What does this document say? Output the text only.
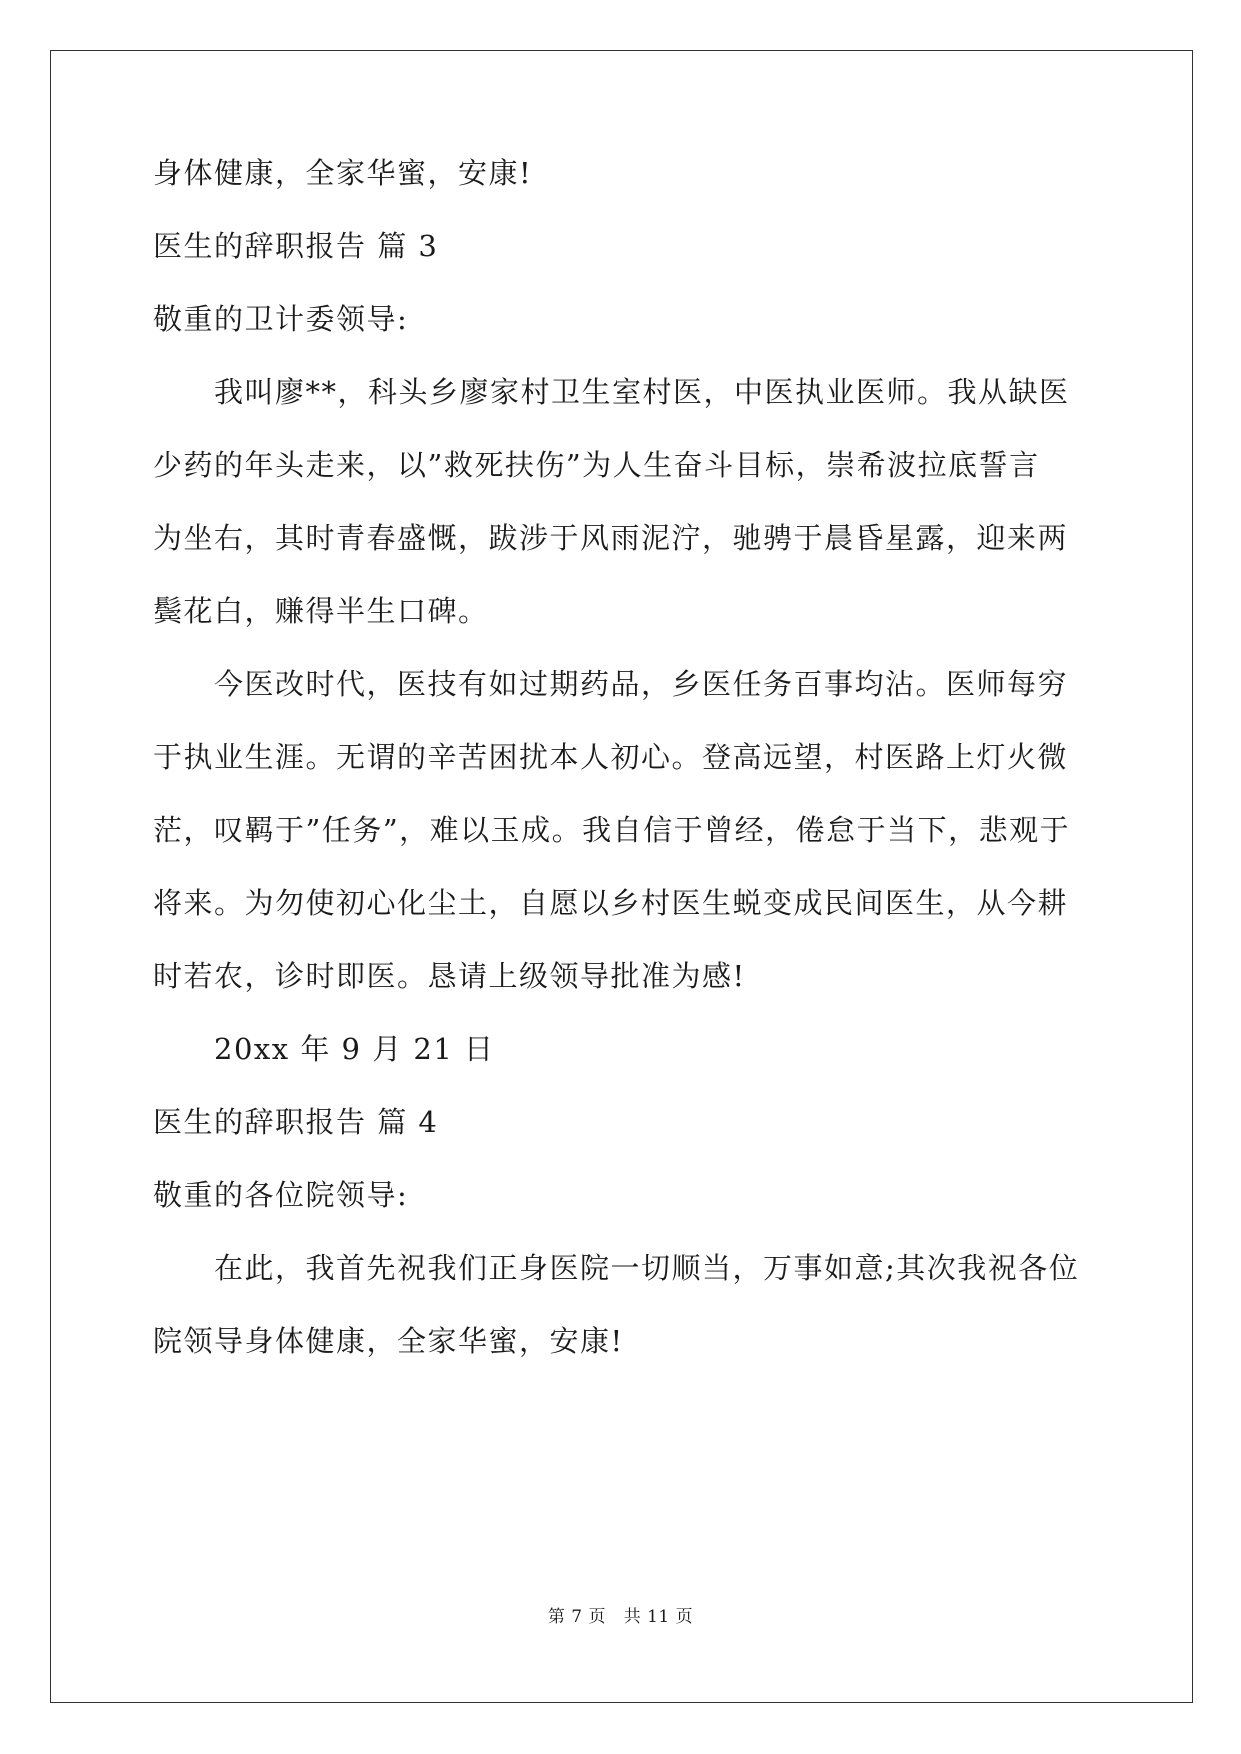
身体健康，全家华蜜，安康!
医生的辞职报告 篇 3
敬重的卫计委领导:
我叫廖**，科头乡廖家村卫生室村医，中医执业医师。我从缺医
少药的年头走来，以”救死扶伤”为人生奋斗目标，崇希波拉底誓言
为坐右，其时青春盛慨，跋涉于风雨泥泞，驰骋于晨昏星露，迎来两
鬓花白，赚得半生口碑。
今医改时代，医技有如过期药品，乡医任务百事均沾。医师每穷
于执业生涯。无谓的辛苦困扰本人初心。登高远望，村医路上灯火微
茫，叹羁于”任务”，难以玉成。我自信于曾经，倦怠于当下，悲观于
将来。为勿使初心化尘土，自愿以乡村医生蜕变成民间医生，从今耕
时若农，诊时即医。恳请上级领导批准为感!
20xx 年 9 月 21 日
医生的辞职报告 篇 4
敬重的各位院领导:
在此，我首先祝我们正身医院一切顺当，万事如意;其次我祝各位
院领导身体健康，全家华蜜，安康!
第 7 页   共 11 页
